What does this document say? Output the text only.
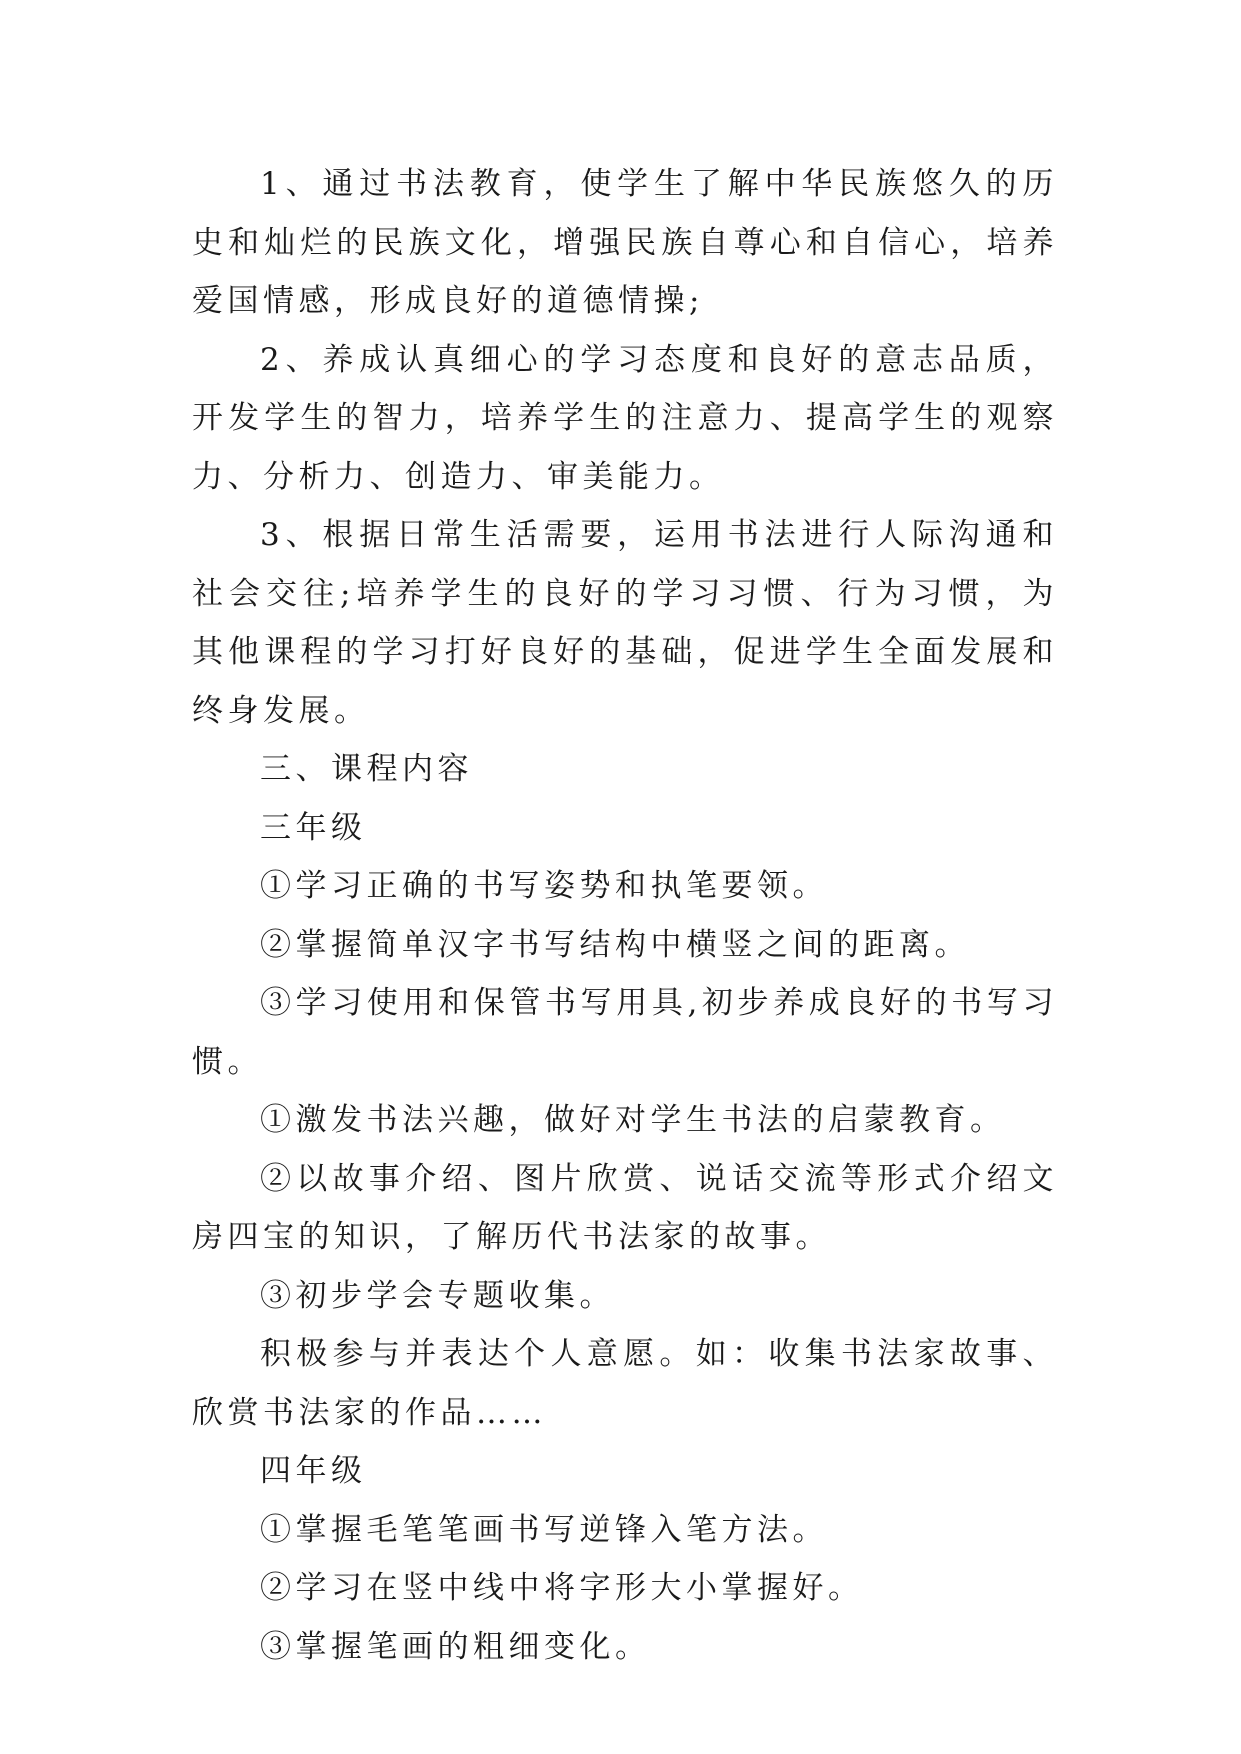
1、通过书法教育，使学生了解中华民族悠久的历史和灿烂的民族文化，增强民族自尊心和自信心，培养爱国情感，形成良好的道德情操;

2、养成认真细心的学习态度和良好的意志品质，开发学生的智力，培养学生的注意力、提高学生的观察力、分析力、创造力、审美能力。

3、根据日常生活需要，运用书法进行人际沟通和社会交往;培养学生的良好的学习习惯、行为习惯，为其他课程的学习打好良好的基础，促进学生全面发展和终身发展。

三、课程内容

三年级

①学习正确的书写姿势和执笔要领。

②掌握简单汉字书写结构中横竖之间的距离。

③学习使用和保管书写用具,初步养成良好的书写习惯。

①激发书法兴趣，做好对学生书法的启蒙教育。

②以故事介绍、图片欣赏、说话交流等形式介绍文房四宝的知识，了解历代书法家的故事。

③初步学会专题收集。

积极参与并表达个人意愿。如：收集书法家故事、欣赏书法家的作品……

四年级

①掌握毛笔笔画书写逆锋入笔方法。

②学习在竖中线中将字形大小掌握好。

③掌握笔画的粗细变化。
